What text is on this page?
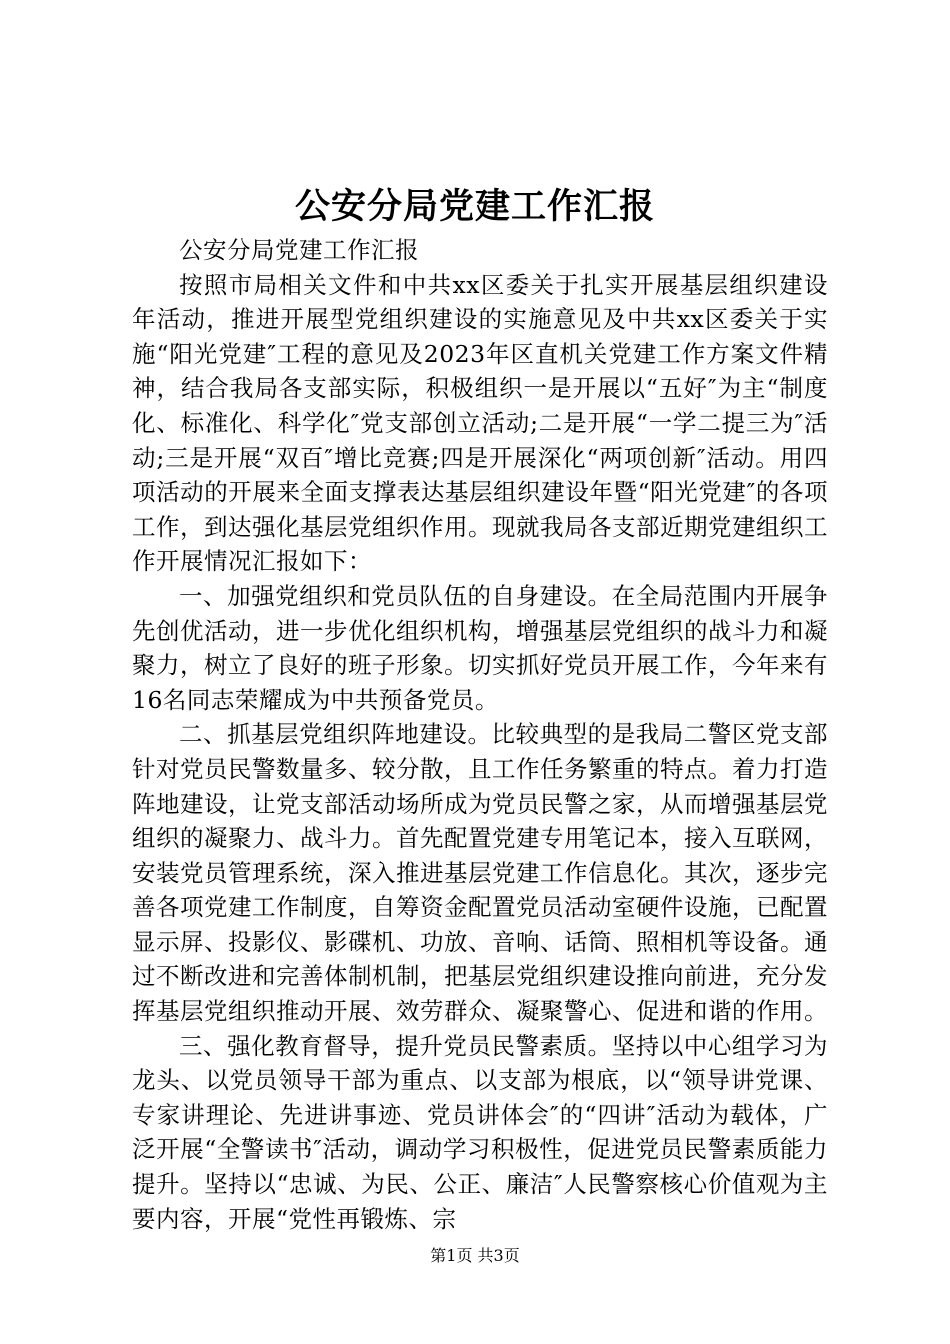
公安分局党建工作汇报

公安分局党建工作汇报

按照市局相关文件和中共xx区委关于扎实开展基层组织建设年活动，推进开展型党组织建设的实施意见及中共xx区委关于实施“阳光党建″工程的意见及2023年区直机关党建工作方案文件精神，结合我局各支部实际，积极组织一是开展以“五好″为主“制度化、标准化、科学化″党支部创立活动;二是开展“一学二提三为″活动;三是开展“双百″增比竞赛;四是开展深化“两项创新″活动。用四项活动的开展来全面支撑表达基层组织建设年暨“阳光党建″的各项工作，到达强化基层党组织作用。现就我局各支部近期党建组织工作开展情况汇报如下：

一、加强党组织和党员队伍的自身建设。在全局范围内开展争先创优活动，进一步优化组织机构，增强基层党组织的战斗力和凝聚力，树立了良好的班子形象。切实抓好党员开展工作，今年来有16名同志荣耀成为中共预备党员。

二、抓基层党组织阵地建设。比较典型的是我局二警区党支部针对党员民警数量多、较分散，且工作任务繁重的特点。着力打造阵地建设，让党支部活动场所成为党员民警之家，从而增强基层党组织的凝聚力、战斗力。首先配置党建专用笔记本，接入互联网，安装党员管理系统，深入推进基层党建工作信息化。其次，逐步完善各项党建工作制度，自筹资金配置党员活动室硬件设施，已配置显示屏、投影仪、影碟机、功放、音响、话筒、照相机等设备。通过不断改进和完善体制机制，把基层党组织建设推向前进，充分发挥基层党组织推动开展、效劳群众、凝聚警心、促进和谐的作用。

三、强化教育督导，提升党员民警素质。坚持以中心组学习为龙头、以党员领导干部为重点、以支部为根底，以“领导讲党课、专家讲理论、先进讲事迹、党员讲体会″的“四讲″活动为载体，广泛开展“全警读书″活动，调动学习积极性，促进党员民警素质能力提升。坚持以“忠诚、为民、公正、廉洁″人民警察核心价值观为主要内容，开展“党性再锻炼、宗

第1页 共3页
